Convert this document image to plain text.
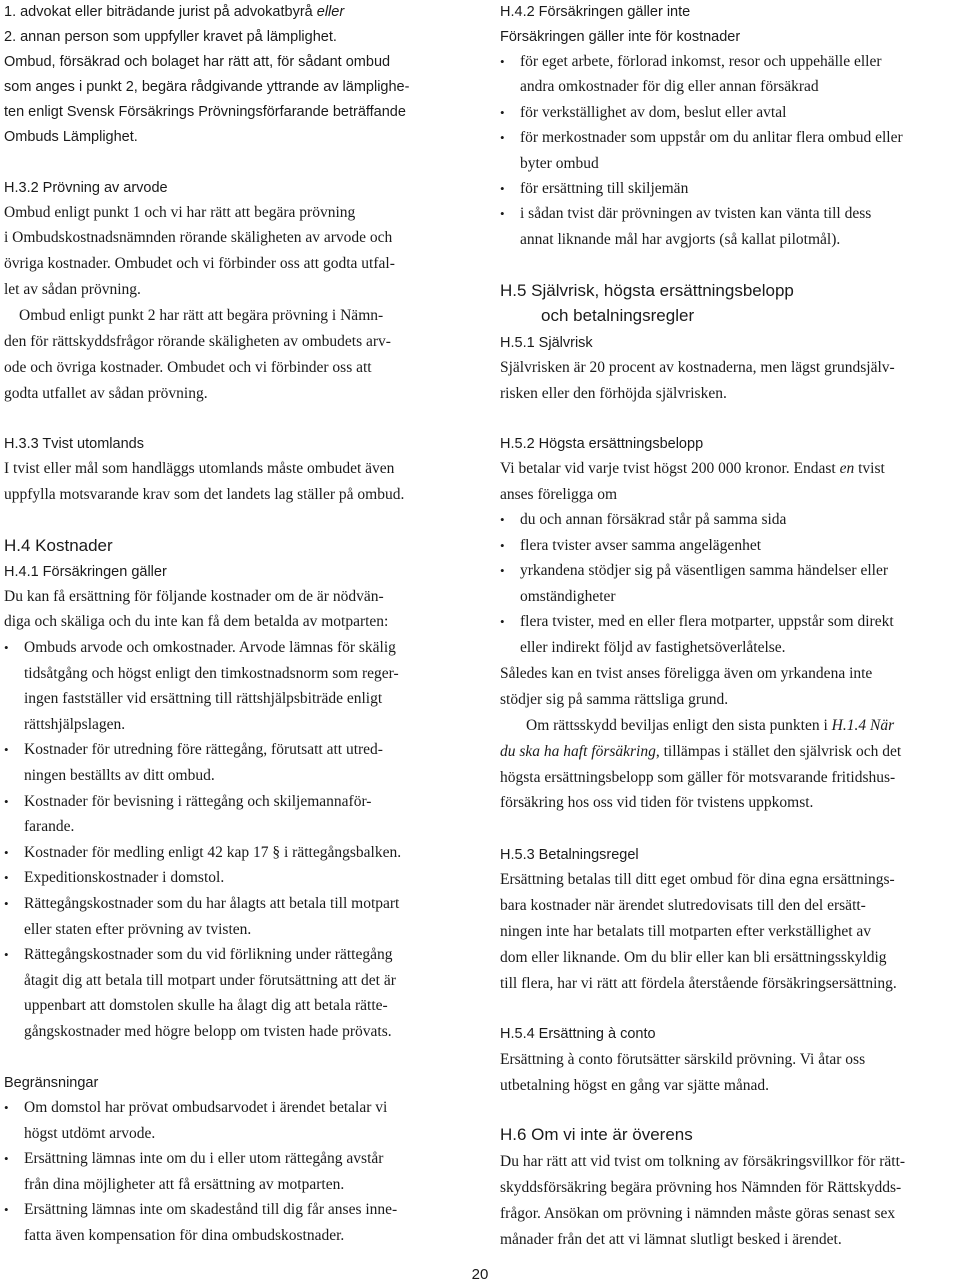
1. advokat eller biträdande jurist på advokatbyrå eller
2. annan person som uppfyller kravet på lämplighet.
Ombud, försäkrad och bolaget har rätt att, för sådant ombud
som anges i punkt 2, begära rådgivande yttrande av lämplighe-
ten enligt Svensk Försäkrings Prövningsförfarande beträffande
Ombuds Lämplighet.
H.3.2 Prövning av arvode
Ombud enligt punkt 1 och vi har rätt att begära prövning
i Ombudskostnadsnämnden rörande skäligheten av arvode och
övriga kostnader. Ombudet och vi förbinder oss att godta utfal-
let av sådan prövning.
Ombud enligt punkt 2 har rätt att begära prövning i Nämn-
den för rättskyddsfrågor rörande skäligheten av ombudets arv-
ode och övriga kostnader. Ombudet och vi förbinder oss att
godta utfallet av sådan prövning.
H.3.3 Tvist utomlands
I tvist eller mål som handläggs utomlands måste ombudet även
uppfylla motsvarande krav som det landets lag ställer på ombud.
H.4 Kostnader
H.4.1 Försäkringen gäller
Du kan få ersättning för följande kostnader om de är nödvän-
diga och skäliga och du inte kan få dem betalda av motparten:
• Ombuds arvode och omkostnader. Arvode lämnas för skälig
tidsåtgång och högst enligt den timkostnadsnorm som reger-
ingen fastställer vid ersättning till rättshjälpsbiträde enligt
rättshjälpslagen.
• Kostnader för utredning före rättegång, förutsatt att utred-
ningen beställts av ditt ombud.
• Kostnader för bevisning i rättegång och skiljemannaför-
farande.
• Kostnader för medling enligt 42 kap 17 § i rättegångsbalken.
• Expeditionskostnader i domstol.
• Rättegångskostnader som du har ålagts att betala till motpart
eller staten efter prövning av tvisten.
• Rättegångskostnader som du vid förlikning under rättegång
åtagit dig att betala till motpart under förutsättning att det är
uppenbart att domstolen skulle ha ålagt dig att betala rätte-
gångskostnader med högre belopp om tvisten hade prövats.
Begränsningar
• Om domstol har prövat ombudsarvodet i ärendet betalar vi
högst utdömt arvode.
• Ersättning lämnas inte om du i eller utom rättegång avstår
från dina möjligheter att få ersättning av motparten.
• Ersättning lämnas inte om skadestånd till dig får anses inne-
fatta även kompensation för dina ombudskostnader.
H.4.2 Försäkringen gäller inte
Försäkringen gäller inte för kostnader
• för eget arbete, förlorad inkomst, resor och uppehälle eller
andra omkostnader för dig eller annan försäkrad
• för verkställighet av dom, beslut eller avtal
• för merkostnader som uppstår om du anlitar flera ombud eller
byter ombud
• för ersättning till skiljemän
• i sådan tvist där prövningen av tvisten kan vänta till dess
annat liknande mål har avgjorts (så kallat pilotmål).
H.5 Självrisk, högsta ersättningsbelopp
och betalningsregler
H.5.1 Självrisk
Självrisken är 20 procent av kostnaderna, men lägst grundsjälv-
risken eller den förhöjda självrisken.
H.5.2 Högsta ersättningsbelopp
Vi betalar vid varje tvist högst 200 000 kronor. Endast en tvist
anses föreligga om
• du och annan försäkrad står på samma sida
• flera tvister avser samma angelägenhet
• yrkandena stödjer sig på väsentligen samma händelser eller
omständigheter
• flera tvister, med en eller flera motparter, uppstår som direkt
eller indirekt följd av fastighetsöverlåtelse.
Således kan en tvist anses föreligga även om yrkandena inte
stödjer sig på samma rättsliga grund.
Om rättsskydd beviljas enligt den sista punkten i H.1.4 När
du ska ha haft försäkring, tillämpas i stället den självrisk och det
högsta ersättningsbelopp som gäller för motsvarande fritidshus-
försäkring hos oss vid tiden för tvistens uppkomst.
H.5.3 Betalningsregel
Ersättning betalas till ditt eget ombud för dina egna ersättnings-
bara kostnader när ärendet slutredovisats till den del ersätt-
ningen inte har betalats till motparten efter verkställighet av
dom eller liknande. Om du blir eller kan bli ersättningsskyldig
till flera, har vi rätt att fördela återstående försäkringsersättning.
H.5.4 Ersättning à conto
Ersättning à conto förutsätter särskild prövning. Vi åtar oss
utbetalning högst en gång var sjätte månad.
H.6 Om vi inte är överens
Du har rätt att vid tvist om tolkning av försäkringsvillkor för rätt-
skyddsförsäkring begära prövning hos Nämnden för Rättskydds-
frågor. Ansökan om prövning i nämnden måste göras senast sex
månader från det att vi lämnat slutligt besked i ärendet.
20
